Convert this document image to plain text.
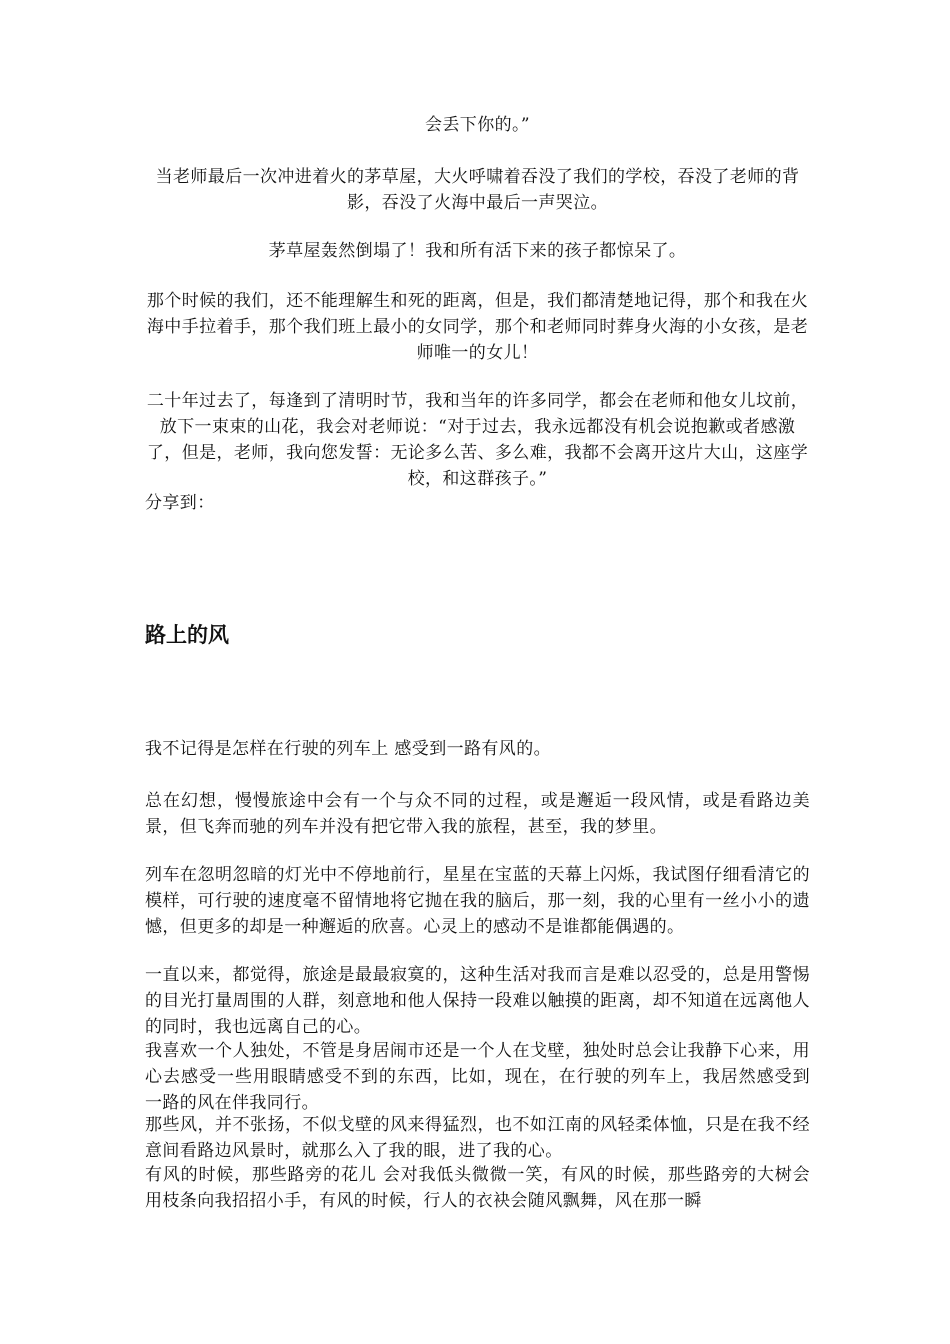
会丢下你的。”

当老师最后一次冲进着火的茅草屋，大火呼啸着吞没了我们的学校，吞没了老师的背影，吞没了火海中最后一声哭泣。

茅草屋轰然倒塌了！我和所有活下来的孩子都惊呆了。

那个时候的我们，还不能理解生和死的距离，但是，我们都清楚地记得，那个和我在火海中手拉着手，那个我们班上最小的女同学，那个和老师同时葬身火海的小女孩，是老师唯一的女儿！

二十年过去了，每逢到了清明时节，我和当年的许多同学，都会在老师和他女儿坟前，放下一束束的山花，我会对老师说：“对于过去，我永远都没有机会说抱歉或者感激了，但是，老师，我向您发誓：无论多么苦、多么难，我都不会离开这片大山，这座学校，和这群孩子。”

分享到：

路上的风

我不记得是怎样在行驶的列车上 感受到一路有风的。

总在幻想，慢慢旅途中会有一个与众不同的过程，或是邂逅一段风情，或是看路边美景，但飞奔而驰的列车并没有把它带入我的旅程，甚至，我的梦里。

列车在忽明忽暗的灯光中不停地前行，星星在宝蓝的天幕上闪烁，我试图仔细看清它的模样，可行驶的速度毫不留情地将它抛在我的脑后，那一刻，我的心里有一丝小小的遗憾，但更多的却是一种邂逅的欣喜。心灵上的感动不是谁都能偶遇的。

一直以来，都觉得，旅途是最最寂寞的，这种生活对我而言是难以忍受的，总是用警惕的目光打量周围的人群，刻意地和他人保持一段难以触摸的距离，却不知道在远离他人的同时，我也远离自己的心。

我喜欢一个人独处，不管是身居闹市还是一个人在戈壁，独处时总会让我静下心来，用心去感受一些用眼睛感受不到的东西，比如，现在，在行驶的列车上，我居然感受到　一路的风在伴我同行。

那些风，并不张扬，不似戈壁的风来得猛烈，也不如江南的风轻柔体恤，只是在我不经意间看路边风景时，就那么入了我的眼，进了我的心。

有风的时候，那些路旁的花儿 会对我低头微微一笑，有风的时候，那些路旁的大树会用枝条向我招招小手，有风的时候，行人的衣袂会随风飘舞，风在那一瞬
